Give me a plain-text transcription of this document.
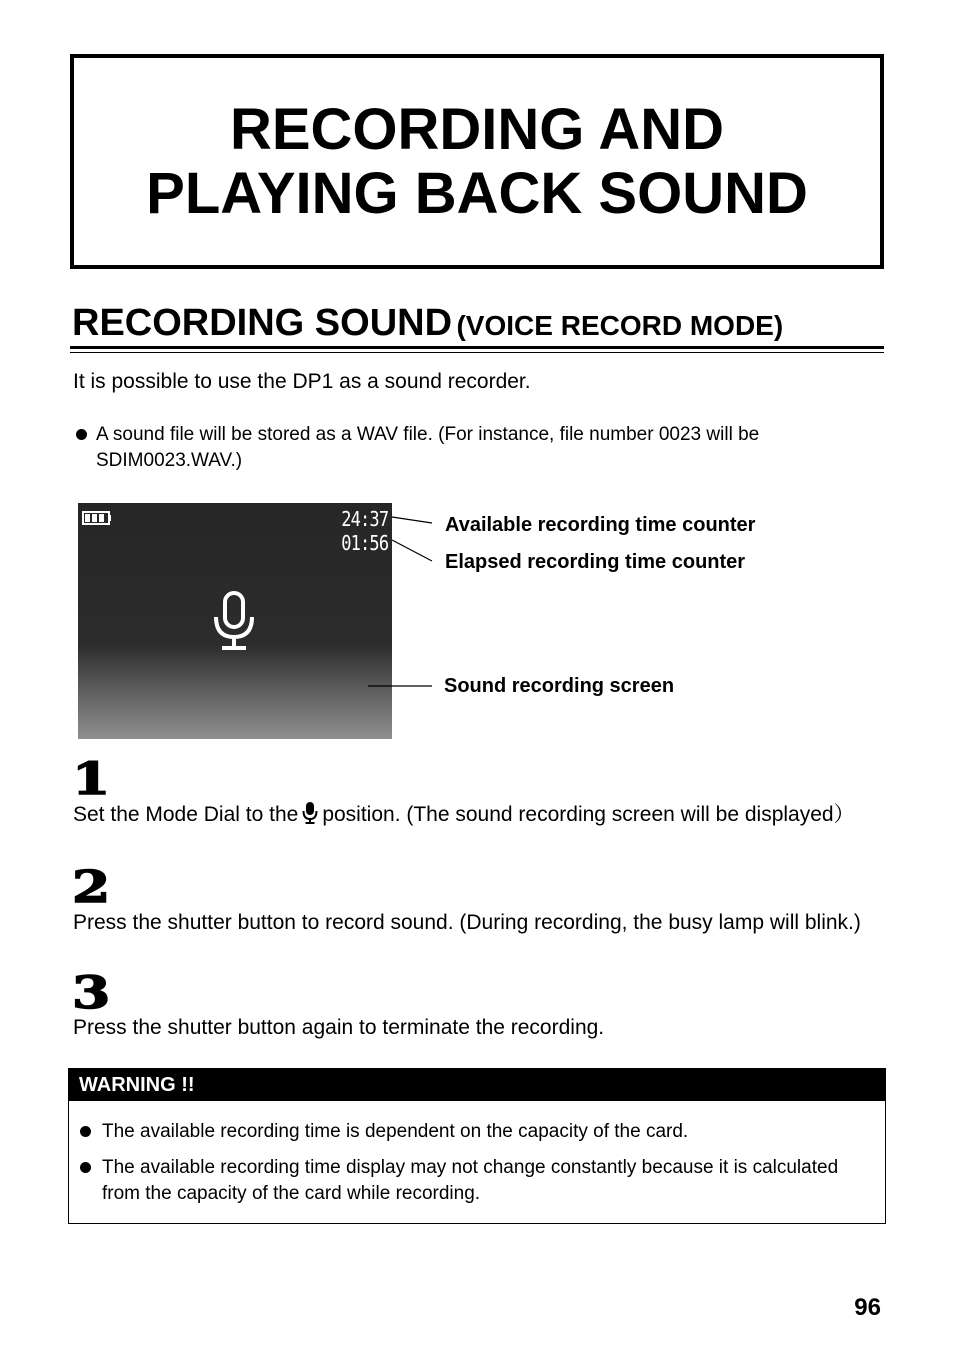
RECORDING AND
PLAYING BACK SOUND
RECORDING SOUND (VOICE RECORD MODE)
It is possible to use the DP1 as a sound recorder.
A sound file will be stored as a WAV file. (For instance, file number 0023 will be SDIM0023.WAV.)
24:37
01:56
Available recording time counter
Elapsed recording time counter
Sound recording screen
1
Set the Mode Dial to the position. (The sound recording screen will be displayed）
2
Press the shutter button to record sound. (During recording, the busy lamp will blink.)
3
Press the shutter button again to terminate the recording.
WARNING !!
The available recording time is dependent on the capacity of the card.
The available recording time display may not change constantly because it is calculated from the capacity of the card while recording.
96
